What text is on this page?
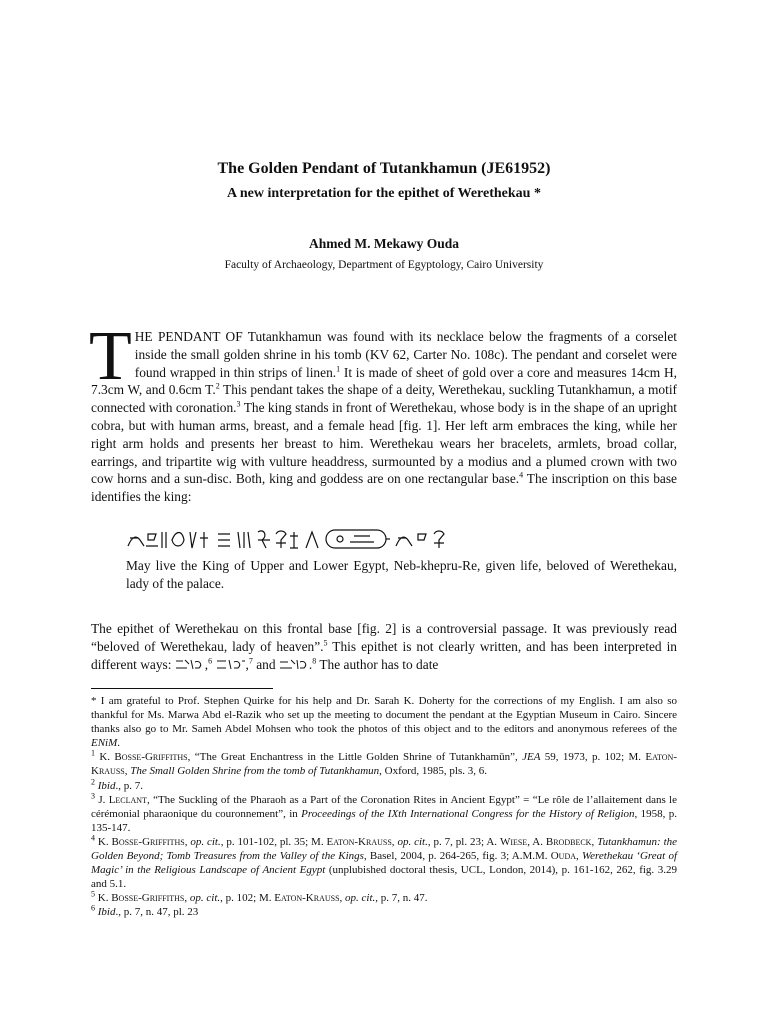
The Golden Pendant of Tutankhamun (JE61952)
A new interpretation for the epithet of Werethekau *
Ahmed M. Mekawy Ouda
Faculty of Archaeology, Department of Egyptology, Cairo University
THE PENDANT OF Tutankhamun was found with its necklace below the fragments of a corselet inside the small golden shrine in his tomb (KV 62, Carter No. 108c). The pendant and corselet were found wrapped in thin strips of linen.$^1$ It is made of sheet of gold over a core and measures 14cm H, 7.3cm W, and 0.6cm T.$^2$ This pendant takes the shape of a deity, Werethekau, suckling Tutankhamun, a motif connected with coronation.$^3$ The king stands in front of Werethekau, whose body is in the shape of an upright cobra, but with human arms, breast, and a female head [fig. 1]. Her left arm embraces the king, while her right arm holds and presents her breast to him. Werethekau wears her bracelets, armlets, broad collar, earrings, and tripartite wig with vulture headdress, surmounted by a modius and a plumed crown with two cow horns and a sun-disc. Both, king and goddess are on one rectangular base.$^4$ The inscription on this base identifies the king:
May live the King of Upper and Lower Egypt, Neb-khepru-Re, given life, beloved of Werethekau, lady of the palace.
The epithet of Werethekau on this frontal base [fig. 2] is a controversial passage. It was previously read “beloved of Werethekau, lady of heaven”.$^5$ This epithet is not clearly written, and has been interpreted in different ways: ,$^6$ ,$^7$ and .$^8$ The author has to date

* I am grateful to Prof. Stephen Quirke for his help and Dr. Sarah K. Doherty for the corrections of my English. I am also so thankful for Ms. Marwa Abd el-Razik who set up the meeting to document the pendant at the Egyptian Museum in Cairo. Sincere thanks also go to Mr. Sameh Abdel Mohsen who took the photos of this object and to the editors and anonymous referees of the ENiM.

$^1$ K. Bosse-Griffiths, “The Great Enchantress in the Little Golden Shrine of Tutankhamūn”, JEA 59, 1973, p. 102; M. Eaton-Krauss, The Small Golden Shrine from the tomb of Tutankhamun, Oxford, 1985, pls. 3, 6.

$^2$ Ibid., p. 7.

$^3$ J. Leclant, “The Suckling of the Pharaoh as a Part of the Coronation Rites in Ancient Egypt” = “Le rôle de l’allaitement dans le cérémonial pharaonique du couronnement”, in Proceedings of the IXth International Congress for the History of Religion, 1958, p. 135-147.

$^4$ K. Bosse-Griffiths, op. cit., p. 101-102, pl. 35; M. Eaton-Krauss, op. cit., p. 7, pl. 23; A. Wiese, A. Brodbeck, Tutankhamun: the Golden Beyond; Tomb Treasures from the Valley of the Kings, Basel, 2004, p. 264-265, fig. 3; A.M.M. Ouda, Werethekau ‘Great of Magic’ in the Religious Landscape of Ancient Egypt (unplubished doctoral thesis, UCL, London, 2014), p. 161-162, 262, fig. 3.29 and 5.1.

$^5$ K. Bosse-Griffiths, op. cit., p. 102; M. Eaton-Krauss, op. cit., p. 7, n. 47.

$^6$ Ibid., p. 7, n. 47, pl. 23
